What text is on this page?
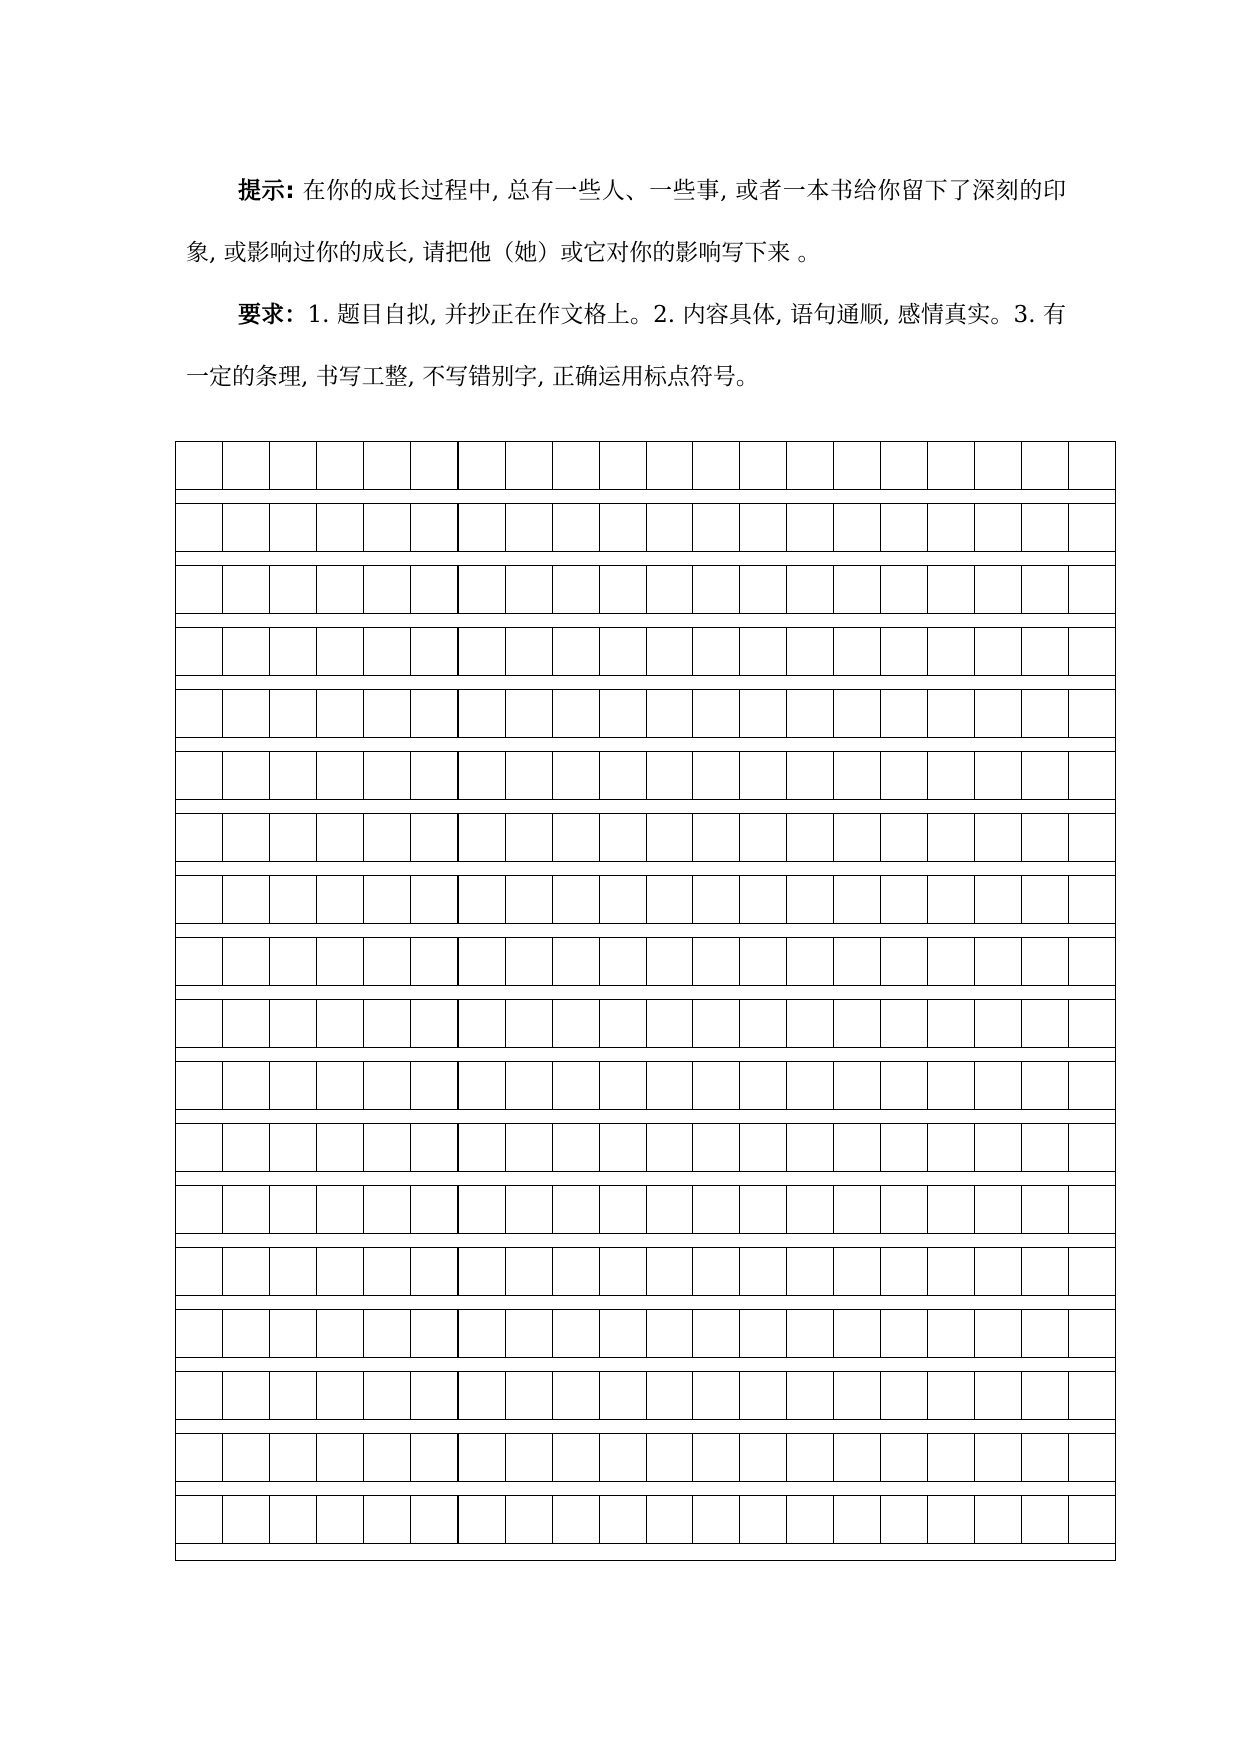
提示: 在你的成长过程中, 总有一些人、一些事, 或者一本书给你留下了深刻的印象, 或影响过你的成长, 请把他（她）或它对你的影响写下来 。

要求：1. 题目自拟, 并抄正在作文格上。2. 内容具体, 语句通顺, 感情真实。3. 有一定的条理, 书写工整, 不写错别字, 正确运用标点符号。
